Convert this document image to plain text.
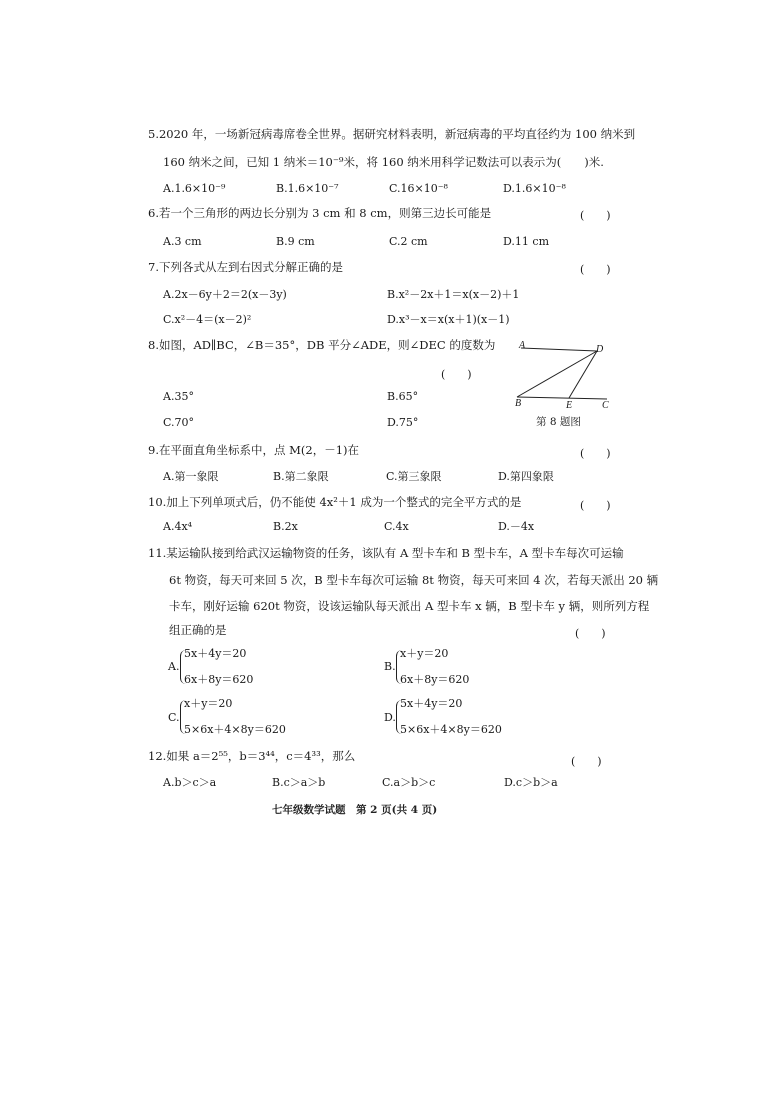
5.2020 年，一场新冠病毒席卷全世界。据研究材料表明，新冠病毒的平均直径约为 100 纳米到
160 纳米之间，已知 1 纳米＝10⁻⁹米，将 160 纳米用科学记数法可以表示为(　　)米.
A.1.6×10⁻⁹	B.1.6×10⁻⁷	C.16×10⁻⁸	D.1.6×10⁻⁸
6.若一个三角形的两边长分别为 3 cm 和 8 cm，则第三边长可能是	(　　)
A.3 cm	B.9 cm	C.2 cm	D.11 cm
7.下列各式从左到右因式分解正确的是	(　　)
A.2x－6y＋2＝2(x－3y)	B.x²－2x＋1＝x(x－2)＋1
C.x²－4＝(x－2)²	D.x³－x＝x(x＋1)(x－1)
8.如图，AD∥BC，∠B＝35°，DB 平分∠ADE，则∠DEC 的度数为
(　　)
A.35°	B.65°
C.70°	D.75°
A	D
B	E	C
第 8 题图
9.在平面直角坐标系中，点 M(2，－1)在	(　　)
A.第一象限	B.第二象限	C.第三象限	D.第四象限
10.加上下列单项式后，仍不能使 4x²＋1 成为一个整式的完全平方式的是	(　　)
A.4x⁴	B.2x	C.4x	D.－4x
11.某运输队接到给武汉运输物资的任务，该队有 A 型卡车和 B 型卡车，A 型卡车每次可运输
6t 物资，每天可来回 5 次，B 型卡车每次可运输 8t 物资，每天可来回 4 次，若每天派出 20 辆
卡车，刚好运输 620t 物资，设该运输队每天派出 A 型卡车 x 辆，B 型卡车 y 辆，则所列方程
组正确的是	(　　)
A.
5x＋4y＝20
6x＋8y＝620
B.
x＋y＝20
6x＋8y＝620
C.
x＋y＝20
5×6x＋4×8y＝620
D.
5x＋4y＝20
5×6x＋4×8y＝620
12.如果 a＝2⁵⁵，b＝3⁴⁴，c＝4³³，那么	(　　)
A.b＞c＞a	B.c＞a＞b	C.a＞b＞c	D.c＞b＞a
七年级数学试题　第 2 页(共 4 页)
